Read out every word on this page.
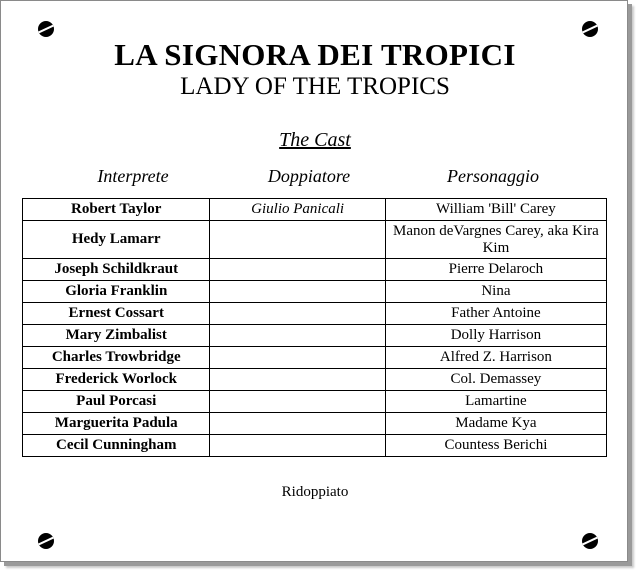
LA SIGNORA DEI TROPICI
LADY OF THE TROPICS
The Cast
Interprete	Doppiatore	Personaggio
Robert Taylor	Giulio Panicali	William 'Bill' Carey
Hedy Lamarr		Manon deVargnes Carey, aka Kira Kim
Joseph Schildkraut		Pierre Delaroch
Gloria Franklin		Nina
Ernest Cossart		Father Antoine
Mary Zimbalist		Dolly Harrison
Charles Trowbridge		Alfred Z. Harrison
Frederick Worlock		Col. Demassey
Paul Porcasi		Lamartine
Marguerita Padula		Madame Kya
Cecil Cunningham		Countess Berichi
Ridoppiato
